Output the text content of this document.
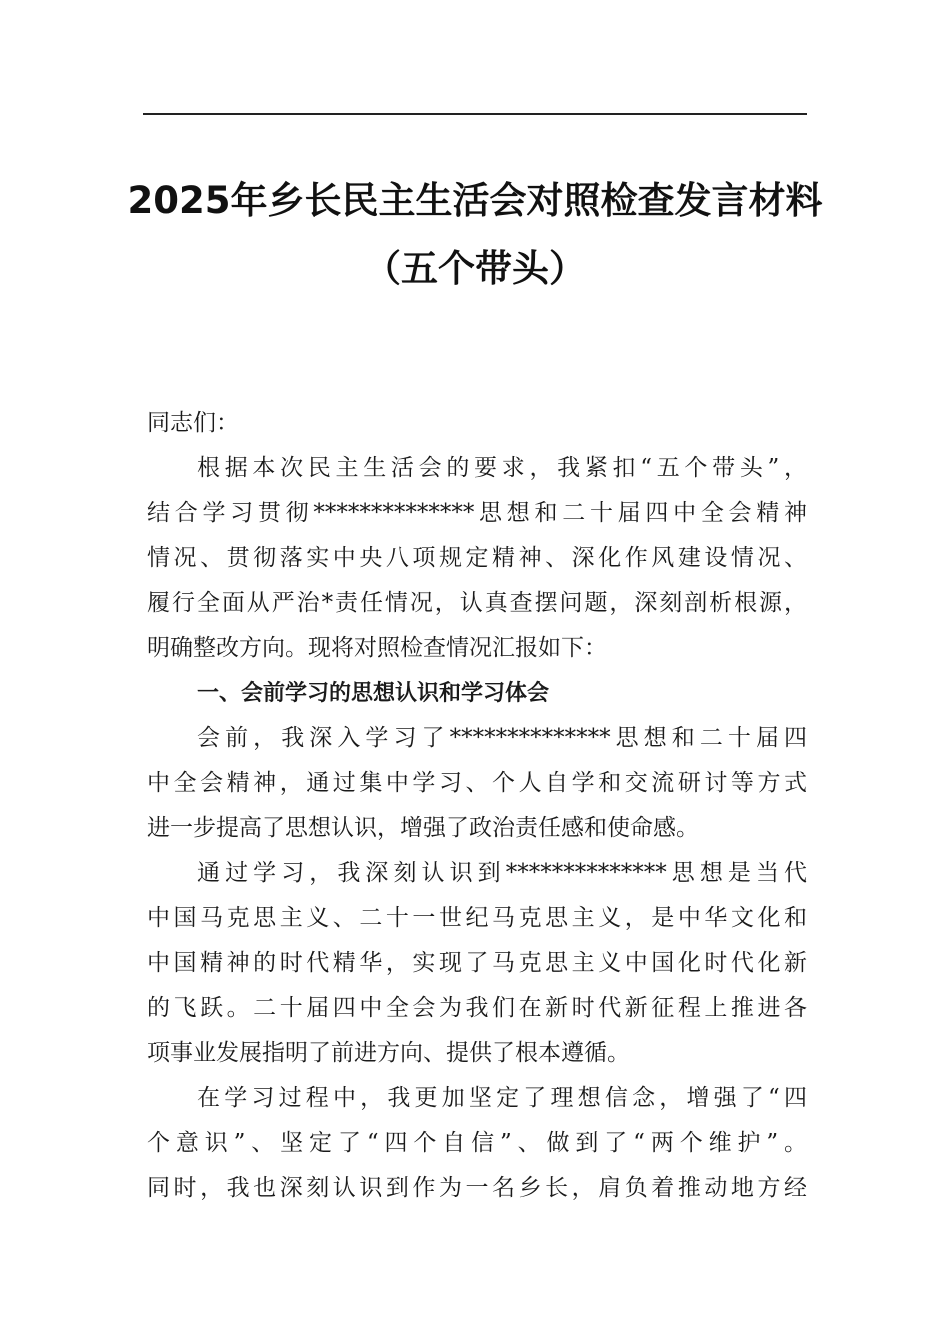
2025年乡长民主生活会对照检查发言材料
（五个带头）

同志们：

根据本次民主生活会的要求，我紧扣“五个带头”，
结合学习贯彻**************思想和二十届四中全会精神
情况、贯彻落实中央八项规定精神、深化作风建设情况、
履行全面从严治*责任情况，认真查摆问题，深刻剖析根源，
明确整改方向。现将对照检查情况汇报如下：

一、会前学习的思想认识和学习体会

会前，我深入学习了**************思想和二十届四
中全会精神，通过集中学习、个人自学和交流研讨等方式
进一步提高了思想认识，增强了政治责任感和使命感。

通过学习，我深刻认识到**************思想是当代
中国马克思主义、二十一世纪马克思主义，是中华文化和
中国精神的时代精华，实现了马克思主义中国化时代化新
的飞跃。二十届四中全会为我们在新时代新征程上推进各
项事业发展指明了前进方向、提供了根本遵循。

在学习过程中，我更加坚定了理想信念，增强了“四
个意识”、坚定了“四个自信”、做到了“两个维护”。
同时，我也深刻认识到作为一名乡长，肩负着推动地方经
